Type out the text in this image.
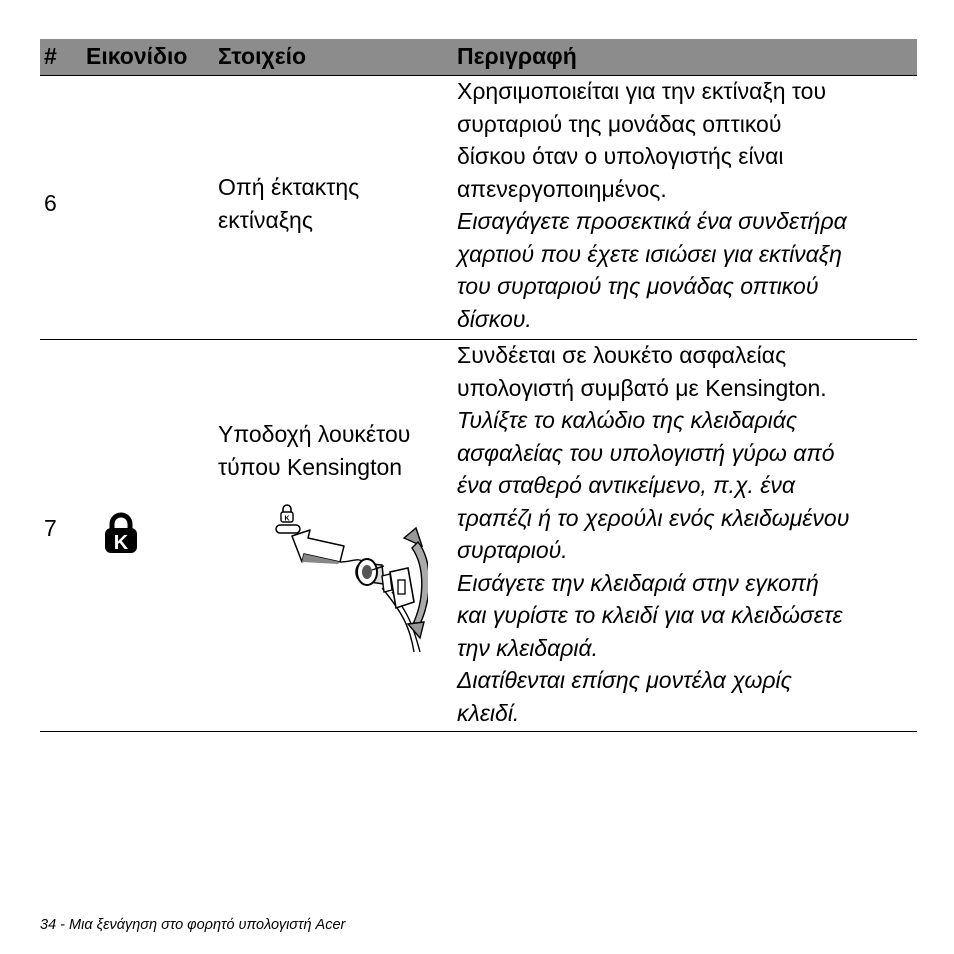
# Εικονίδιο Στοιχείο	Περιγραφή
6
Οπή έκτακτης
εκτίναξης

Χρησιμοποιείται για την εκτίναξη του

συρταριού της μονάδας οπτικού

δίσκου όταν ο υπολογιστής είναι

απενεργοποιημένος.

Εισαγάγετε προσεκτικά ένα συνδετήρα

χαρτιού που έχετε ισιώσει για εκτίναξη

του συρταριού της μονάδας οπτικού

δίσκου.

7
K
Υποδοχή λουκέτου
τύπου Kensington
K

Συνδέεται σε λουκέτο ασφαλείας

υπολογιστή συμβατό με Kensington.

Τυλίξτε το καλώδιο της κλειδαριάς

ασφαλείας του υπολογιστή γύρω από

ένα σταθερό αντικείμενο, π.χ. ένα

τραπέζι ή το χερούλι ενός κλειδωμένου

συρταριού.

Εισάγετε την κλειδαριά στην εγκοπή

και γυρίστε το κλειδί για να κλειδώσετε

την κλειδαριά.

Διατίθενται επίσης μοντέλα χωρίς

κλειδί.

34 - Μια ξενάγηση στο φορητό υπολογιστή Acer
